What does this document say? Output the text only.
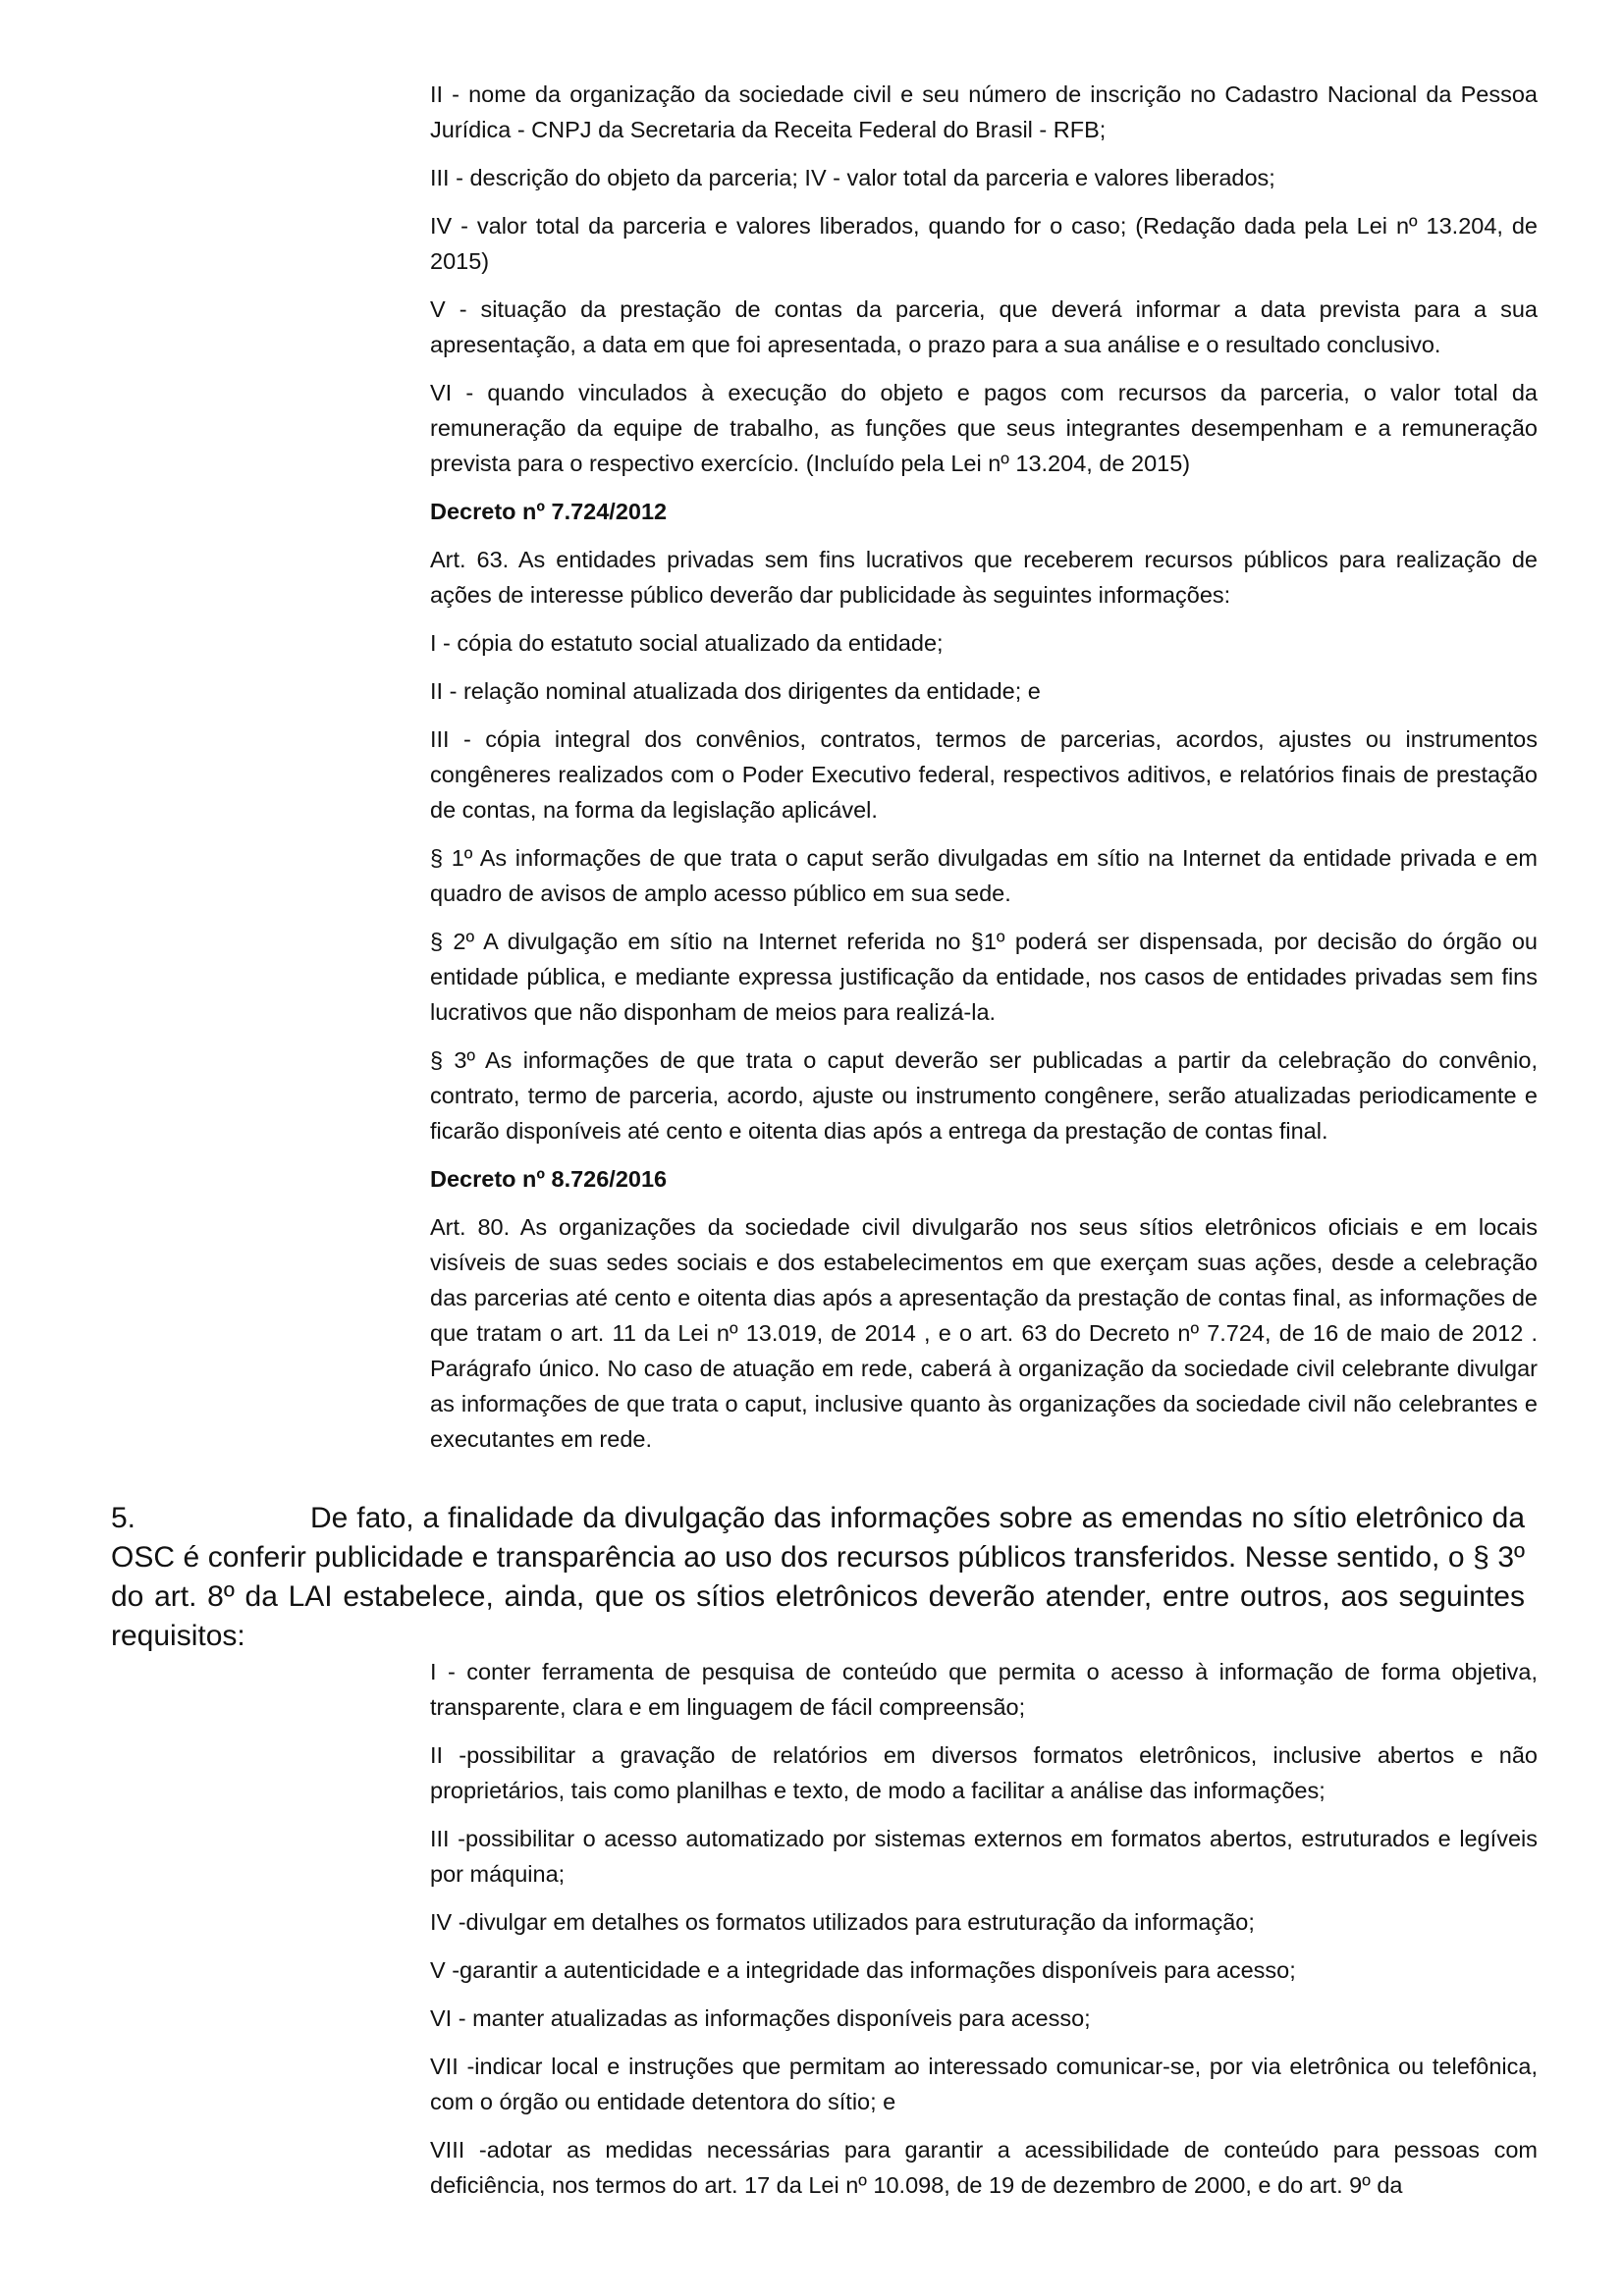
II - nome da organização da sociedade civil e seu número de inscrição no Cadastro Nacional da Pessoa Jurídica - CNPJ da Secretaria da Receita Federal do Brasil - RFB;

III - descrição do objeto da parceria; IV - valor total da parceria e valores liberados;

IV - valor total da parceria e valores liberados, quando for o caso; (Redação dada pela Lei nº 13.204, de 2015)

V - situação da prestação de contas da parceria, que deverá informar a data prevista para a sua apresentação, a data em que foi apresentada, o prazo para a sua análise e o resultado conclusivo.

VI - quando vinculados à execução do objeto e pagos com recursos da parceria, o valor total da remuneração da equipe de trabalho, as funções que seus integrantes desempenham e a remuneração prevista para o respectivo exercício. (Incluído pela Lei nº 13.204, de 2015)

Decreto nº 7.724/2012

Art. 63. As entidades privadas sem fins lucrativos que receberem recursos públicos para realização de ações de interesse público deverão dar publicidade às seguintes informações:

I - cópia do estatuto social atualizado da entidade;

II - relação nominal atualizada dos dirigentes da entidade; e

III - cópia integral dos convênios, contratos, termos de parcerias, acordos, ajustes ou instrumentos congêneres realizados com o Poder Executivo federal, respectivos aditivos, e relatórios finais de prestação de contas, na forma da legislação aplicável.

§ 1º As informações de que trata o caput serão divulgadas em sítio na Internet da entidade privada e em quadro de avisos de amplo acesso público em sua sede.

§ 2º A divulgação em sítio na Internet referida no §1º poderá ser dispensada, por decisão do órgão ou entidade pública, e mediante expressa justificação da entidade, nos casos de entidades privadas sem fins lucrativos que não disponham de meios para realizá-la.

§ 3º As informações de que trata o caput deverão ser publicadas a partir da celebração do convênio, contrato, termo de parceria, acordo, ajuste ou instrumento congênere, serão atualizadas periodicamente e ficarão disponíveis até cento e oitenta dias após a entrega da prestação de contas final.

Decreto nº 8.726/2016

Art. 80. As organizações da sociedade civil divulgarão nos seus sítios eletrônicos oficiais e em locais visíveis de suas sedes sociais e dos estabelecimentos em que exerçam suas ações, desde a celebração das parcerias até cento e oitenta dias após a apresentação da prestação de contas final, as informações de que tratam o art. 11 da Lei nº 13.019, de 2014 , e o art. 63 do Decreto nº 7.724, de 16 de maio de 2012 . Parágrafo único. No caso de atuação em rede, caberá à organização da sociedade civil celebrante divulgar as informações de que trata o caput, inclusive quanto às organizações da sociedade civil não celebrantes e executantes em rede.

5.	De fato, a finalidade da divulgação das informações sobre as emendas no sítio eletrônico da OSC é conferir publicidade e transparência ao uso dos recursos públicos transferidos. Nesse sentido, o § 3º do art. 8º da LAI estabelece, ainda, que os sítios eletrônicos deverão atender, entre outros, aos seguintes requisitos:

I - conter ferramenta de pesquisa de conteúdo que permita o acesso à informação de forma objetiva, transparente, clara e em linguagem de fácil compreensão;

II -possibilitar a gravação de relatórios em diversos formatos eletrônicos, inclusive abertos e não proprietários, tais como planilhas e texto, de modo a facilitar a análise das informações;

III -possibilitar o acesso automatizado por sistemas externos em formatos abertos, estruturados e legíveis por máquina;

IV -divulgar em detalhes os formatos utilizados para estruturação da informação;

V -garantir a autenticidade e a integridade das informações disponíveis para acesso;

VI - manter atualizadas as informações disponíveis para acesso;

VII -indicar local e instruções que permitam ao interessado comunicar-se, por via eletrônica ou telefônica, com o órgão ou entidade detentora do sítio; e

VIII -adotar as medidas necessárias para garantir a acessibilidade de conteúdo para pessoas com deficiência, nos termos do art. 17 da Lei nº 10.098, de 19 de dezembro de 2000, e do art. 9º da
